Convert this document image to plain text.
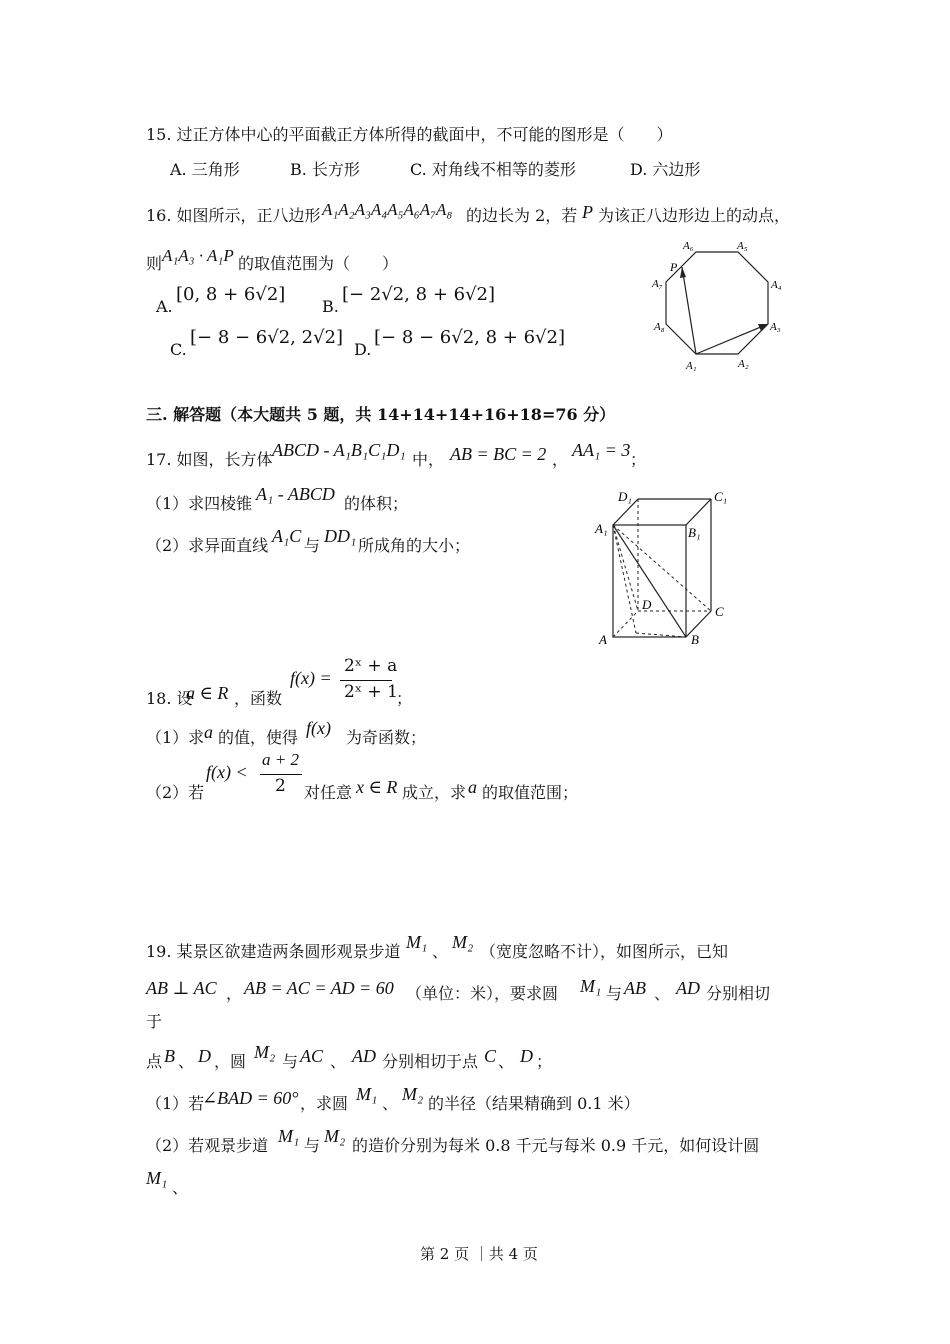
15. 过正方体中心的平面截正方体所得的截面中，不可能的图形是（　　）
A. 三角形	B. 长方形	C. 对角线不相等的菱形	D. 六边形
16. 如图所示，正八边形 A₁A₂A₃A₄A₅A₆A₇A₈ 的边长为 2，若 P 为该正八边形边上的动点，
则 A₁A₃ · A₁P 的取值范围为（　　）
A.
[0, 8 + 6√2]
B.
[− 2√2, 8 + 6√2]
C.
[− 8 − 6√2, 2√2]
D.
[− 8 − 6√2, 8 + 6√2]
A₁	A₂
A₃
A₄
A₅
A₆
A₇
A₈
P
三. 解答题（本大题共 5 题，共 14+14+14+16+18=76 分）
17. 如图，长方体 ABCD - A₁B₁C₁D₁ 中， AB = BC = 2 ， AA₁ = 3 ；
（1）求四棱锥 A₁ - ABCD 的体积；
（2）求异面直线 A₁C 与 DD₁ 所成角的大小；
A	B
C
D
A₁	B₁
C₁
D₁
18. 设
a ∈ R ，函数
f(x) =
2ˣ + a
2ˣ + 1
；
（1）求 a 的值，使得 f(x) 为奇函数；
（2）若
f(x) <
a + 2
2 对任意 x ∈ R 成立，求 a 的取值范围；
19. 某景区欲建造两条圆形观景步道 M₁ 、 M₂ （宽度忽略不计），如图所示，已知
AB ⊥ AC ， AB = AC = AD = 60 （单位：米），要求圆 M₁ 与 AB 、 AD 分别相切
于
点 B 、 D ，圆 M₂ 与 AC 、 AD 分别相切于点 C 、 D ；
（1）若
∠BAD = 60° ，求圆 M₁ 、 M₂ 的半径（结果精确到 0.1 米）
（2）若观景步道 M₁ 与 M₂ 的造价分别为每米 0.8 千元与每米 0.9 千元，如何设计圆
M₁ 、
第 2 页 ｜共 4 页
